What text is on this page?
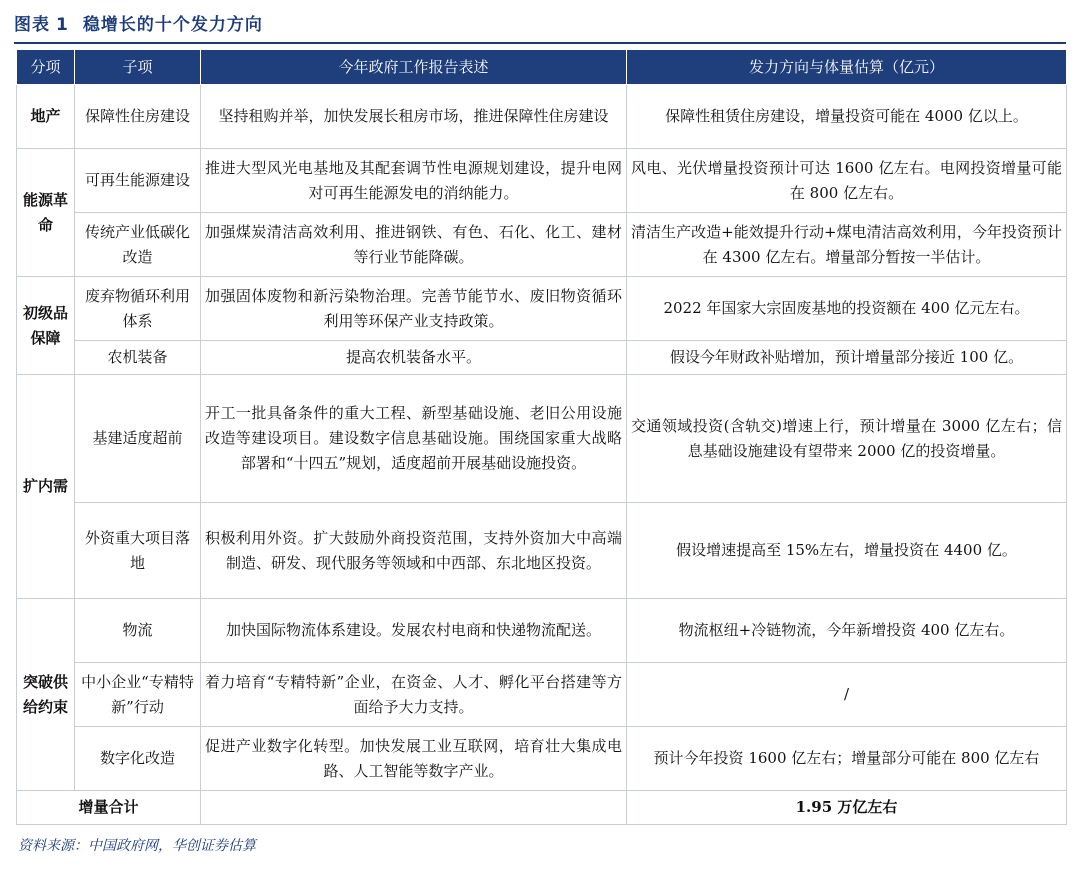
图表 1 稳增长的十个发力方向
分项	子项	今年政府工作报告表述	发力方向与体量估算（亿元）
地产	保障性住房建设	坚持租购并举，加快发展长租房市场，推进保障性住房建设	保障性租赁住房建设，增量投资可能在 4000 亿以上。
能源革命	可再生能源建设	推进大型风光电基地及其配套调节性电源规划建设，提升电网对可再生能源发电的消纳能力。	风电、光伏增量投资预计可达 1600 亿左右。电网投资增量可能在 800 亿左右。
	传统产业低碳化改造	加强煤炭清洁高效利用、推进钢铁、有色、石化、化工、建材等行业节能降碳。	清洁生产改造+能效提升行动+煤电清洁高效利用，今年投资预计在 4300 亿左右。增量部分暂按一半估计。
初级品保障	废弃物循环利用体系	加强固体废物和新污染物治理。完善节能节水、废旧物资循环利用等环保产业支持政策。	2022 年国家大宗固废基地的投资额在 400 亿元左右。
	农机装备	提高农机装备水平。	假设今年财政补贴增加，预计增量部分接近 100 亿。
扩内需	基建适度超前	开工一批具备条件的重大工程、新型基础设施、老旧公用设施改造等建设项目。建设数字信息基础设施。围绕国家重大战略部署和“十四五”规划，适度超前开展基础设施投资。	交通领域投资(含轨交)增速上行，预计增量在 3000 亿左右；信息基础设施建设有望带来 2000 亿的投资增量。
	外资重大项目落地	积极利用外资。扩大鼓励外商投资范围，支持外资加大中高端制造、研发、现代服务等领域和中西部、东北地区投资。	假设增速提高至 15%左右，增量投资在 4400 亿。
突破供给约束	物流	加快国际物流体系建设。发展农村电商和快递物流配送。	物流枢纽+冷链物流，今年新增投资 400 亿左右。
	中小企业“专精特新”行动	着力培育“专精特新”企业，在资金、人才、孵化平台搭建等方面给予大力支持。	/
	数字化改造	促进产业数字化转型。加快发展工业互联网，培育壮大集成电路、人工智能等数字产业。	预计今年投资 1600 亿左右；增量部分可能在 800 亿左右
增量合计			1.95 万亿左右
资料来源：中国政府网，华创证券估算
